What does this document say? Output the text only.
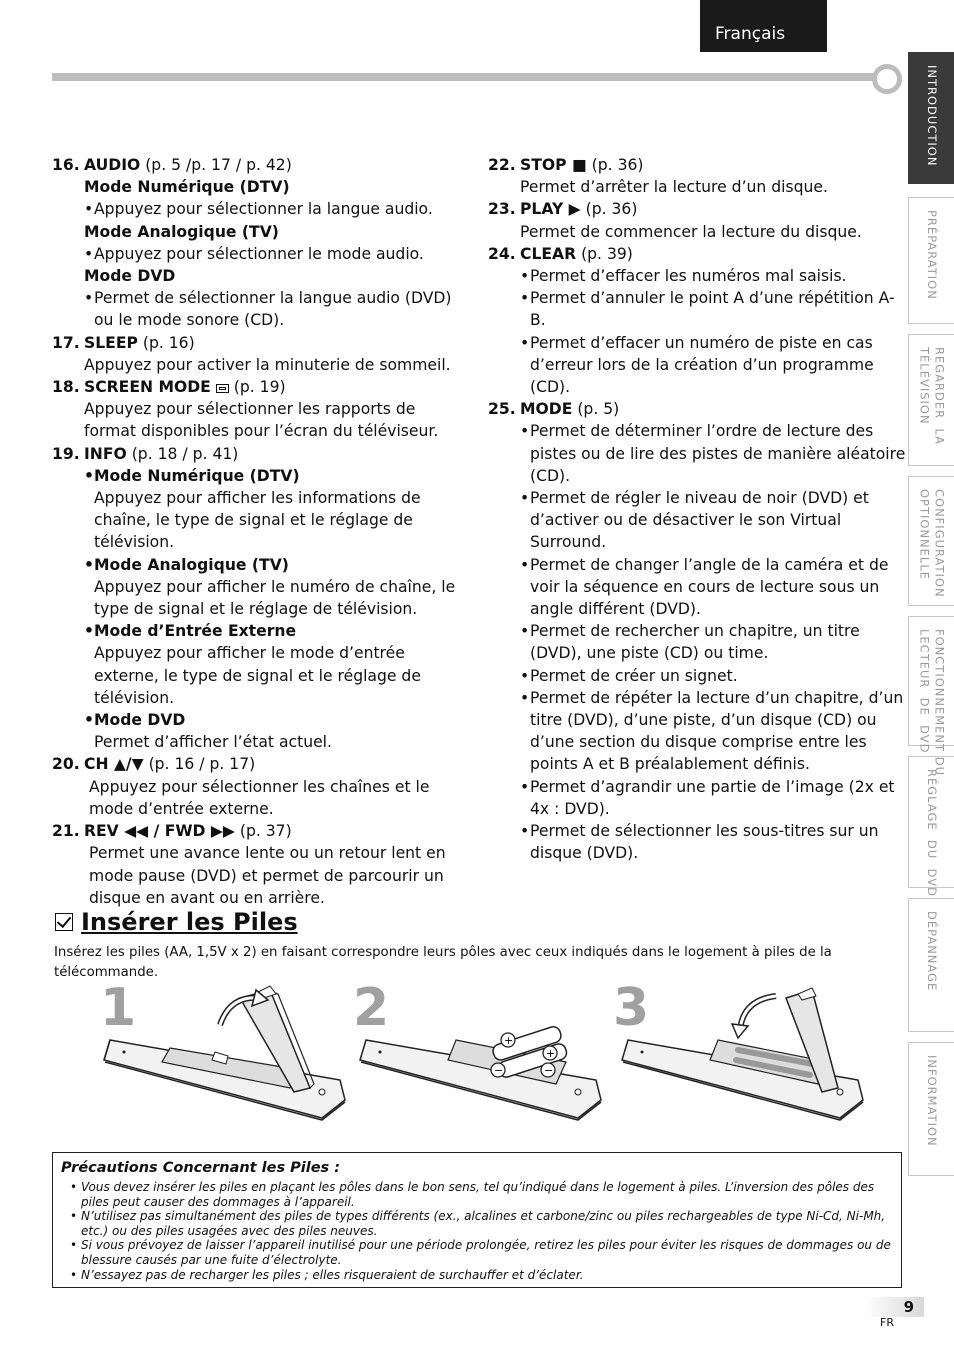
Français
INTRODUCTION
PRÉPARATION
REGARDER  LA
TÉLÉVISION
CONFIGURATION
OPTIONNELLE
FONCTIONNEMENT DU
LECTEUR  DE  DVD
RÉGLAGE  DU  DVD
DÉPANNAGE
INFORMATION
16. AUDIO (p. 5 /p. 17 / p. 42)
Mode Numérique (DTV)
• Appuyez pour sélectionner la langue audio.
Mode Analogique (TV)
• Appuyez pour sélectionner le mode audio.
Mode DVD
• Permet de sélectionner la langue audio (DVD) ou le mode sonore (CD).
17. SLEEP (p. 16)
Appuyez pour activer la minuterie de sommeil.
18. SCREEN MODE
(p. 19)
Appuyez pour sélectionner les rapports de format disponibles pour l’écran du téléviseur.
19. INFO (p. 18 / p. 41)
• Mode Numérique (DTV)
Appuyez pour afficher les informations de chaîne, le type de signal et le réglage de télévision.
• Mode Analogique (TV)
Appuyez pour afficher le numéro de chaîne, le type de signal et le réglage de télévision.
• Mode d’Entrée Externe
Appuyez pour afficher le mode d’entrée externe, le type de signal et le réglage de télévision.
• Mode DVD
Permet d’afficher l’état actuel.
20. CH ▲/▼ (p. 16 / p. 17)
Appuyez pour sélectionner les chaînes et le mode d’entrée externe.
21. REV ◀◀ / FWD ▶▶ (p. 37)
Permet une avance lente ou un retour lent en mode pause (DVD) et permet de parcourir un disque en avant ou en arrière.
22. STOP ■ (p. 36)
Permet d’arrêter la lecture d’un disque.
23. PLAY ▶ (p. 36)
Permet de commencer la lecture du disque.
24. CLEAR (p. 39)
• Permet d’effacer les numéros mal saisis.
• Permet d’annuler le point A d’une répétition A-B.
• Permet d’effacer un numéro de piste en cas d’erreur lors de la création d’un programme (CD).
25. MODE (p. 5)
• Permet de déterminer l’ordre de lecture des pistes ou de lire des pistes de manière aléatoire (CD).
• Permet de régler le niveau de noir (DVD) et d’activer ou de désactiver le son Virtual Surround.
• Permet de changer l’angle de la caméra et de voir la séquence en cours de lecture sous un angle différent (DVD).
• Permet de rechercher un chapitre, un titre (DVD), une piste (CD) ou time.
• Permet de créer un signet.
• Permet de répéter la lecture d’un chapitre, d’un titre (DVD), d’une piste, d’un disque (CD) ou d’une section du disque comprise entre les points A et B préalablement définis.
• Permet d’agrandir une partie de l’image (2x et 4x : DVD).
• Permet de sélectionner les sous-titres sur un disque (DVD).
Insérer les Piles
Insérez les piles (AA, 1,5V x 2) en faisant correspondre leurs pôles avec ceux indiqués dans le logement à piles de la télécommande.
1	2	3
+
+
−	−
Précautions Concernant les Piles :
• Vous devez insérer les piles en plaçant les pôles dans le bon sens, tel qu’indiqué dans le logement à piles. L’inversion des pôles des piles peut causer des dommages à l’appareil.
• N’utilisez pas simultanément des piles de types différents (ex., alcalines et carbone/zinc ou piles rechargeables de type Ni-Cd, Ni-Mh, etc.) ou des piles usagées avec des piles neuves.
• Si vous prévoyez de laisser l’appareil inutilisé pour une période prolongée, retirez les piles pour éviter les risques de dommages ou de blessure causés par une fuite d’électrolyte.
• N’essayez pas de recharger les piles ; elles risqueraient de surchauffer et d’éclater.
9
FR
